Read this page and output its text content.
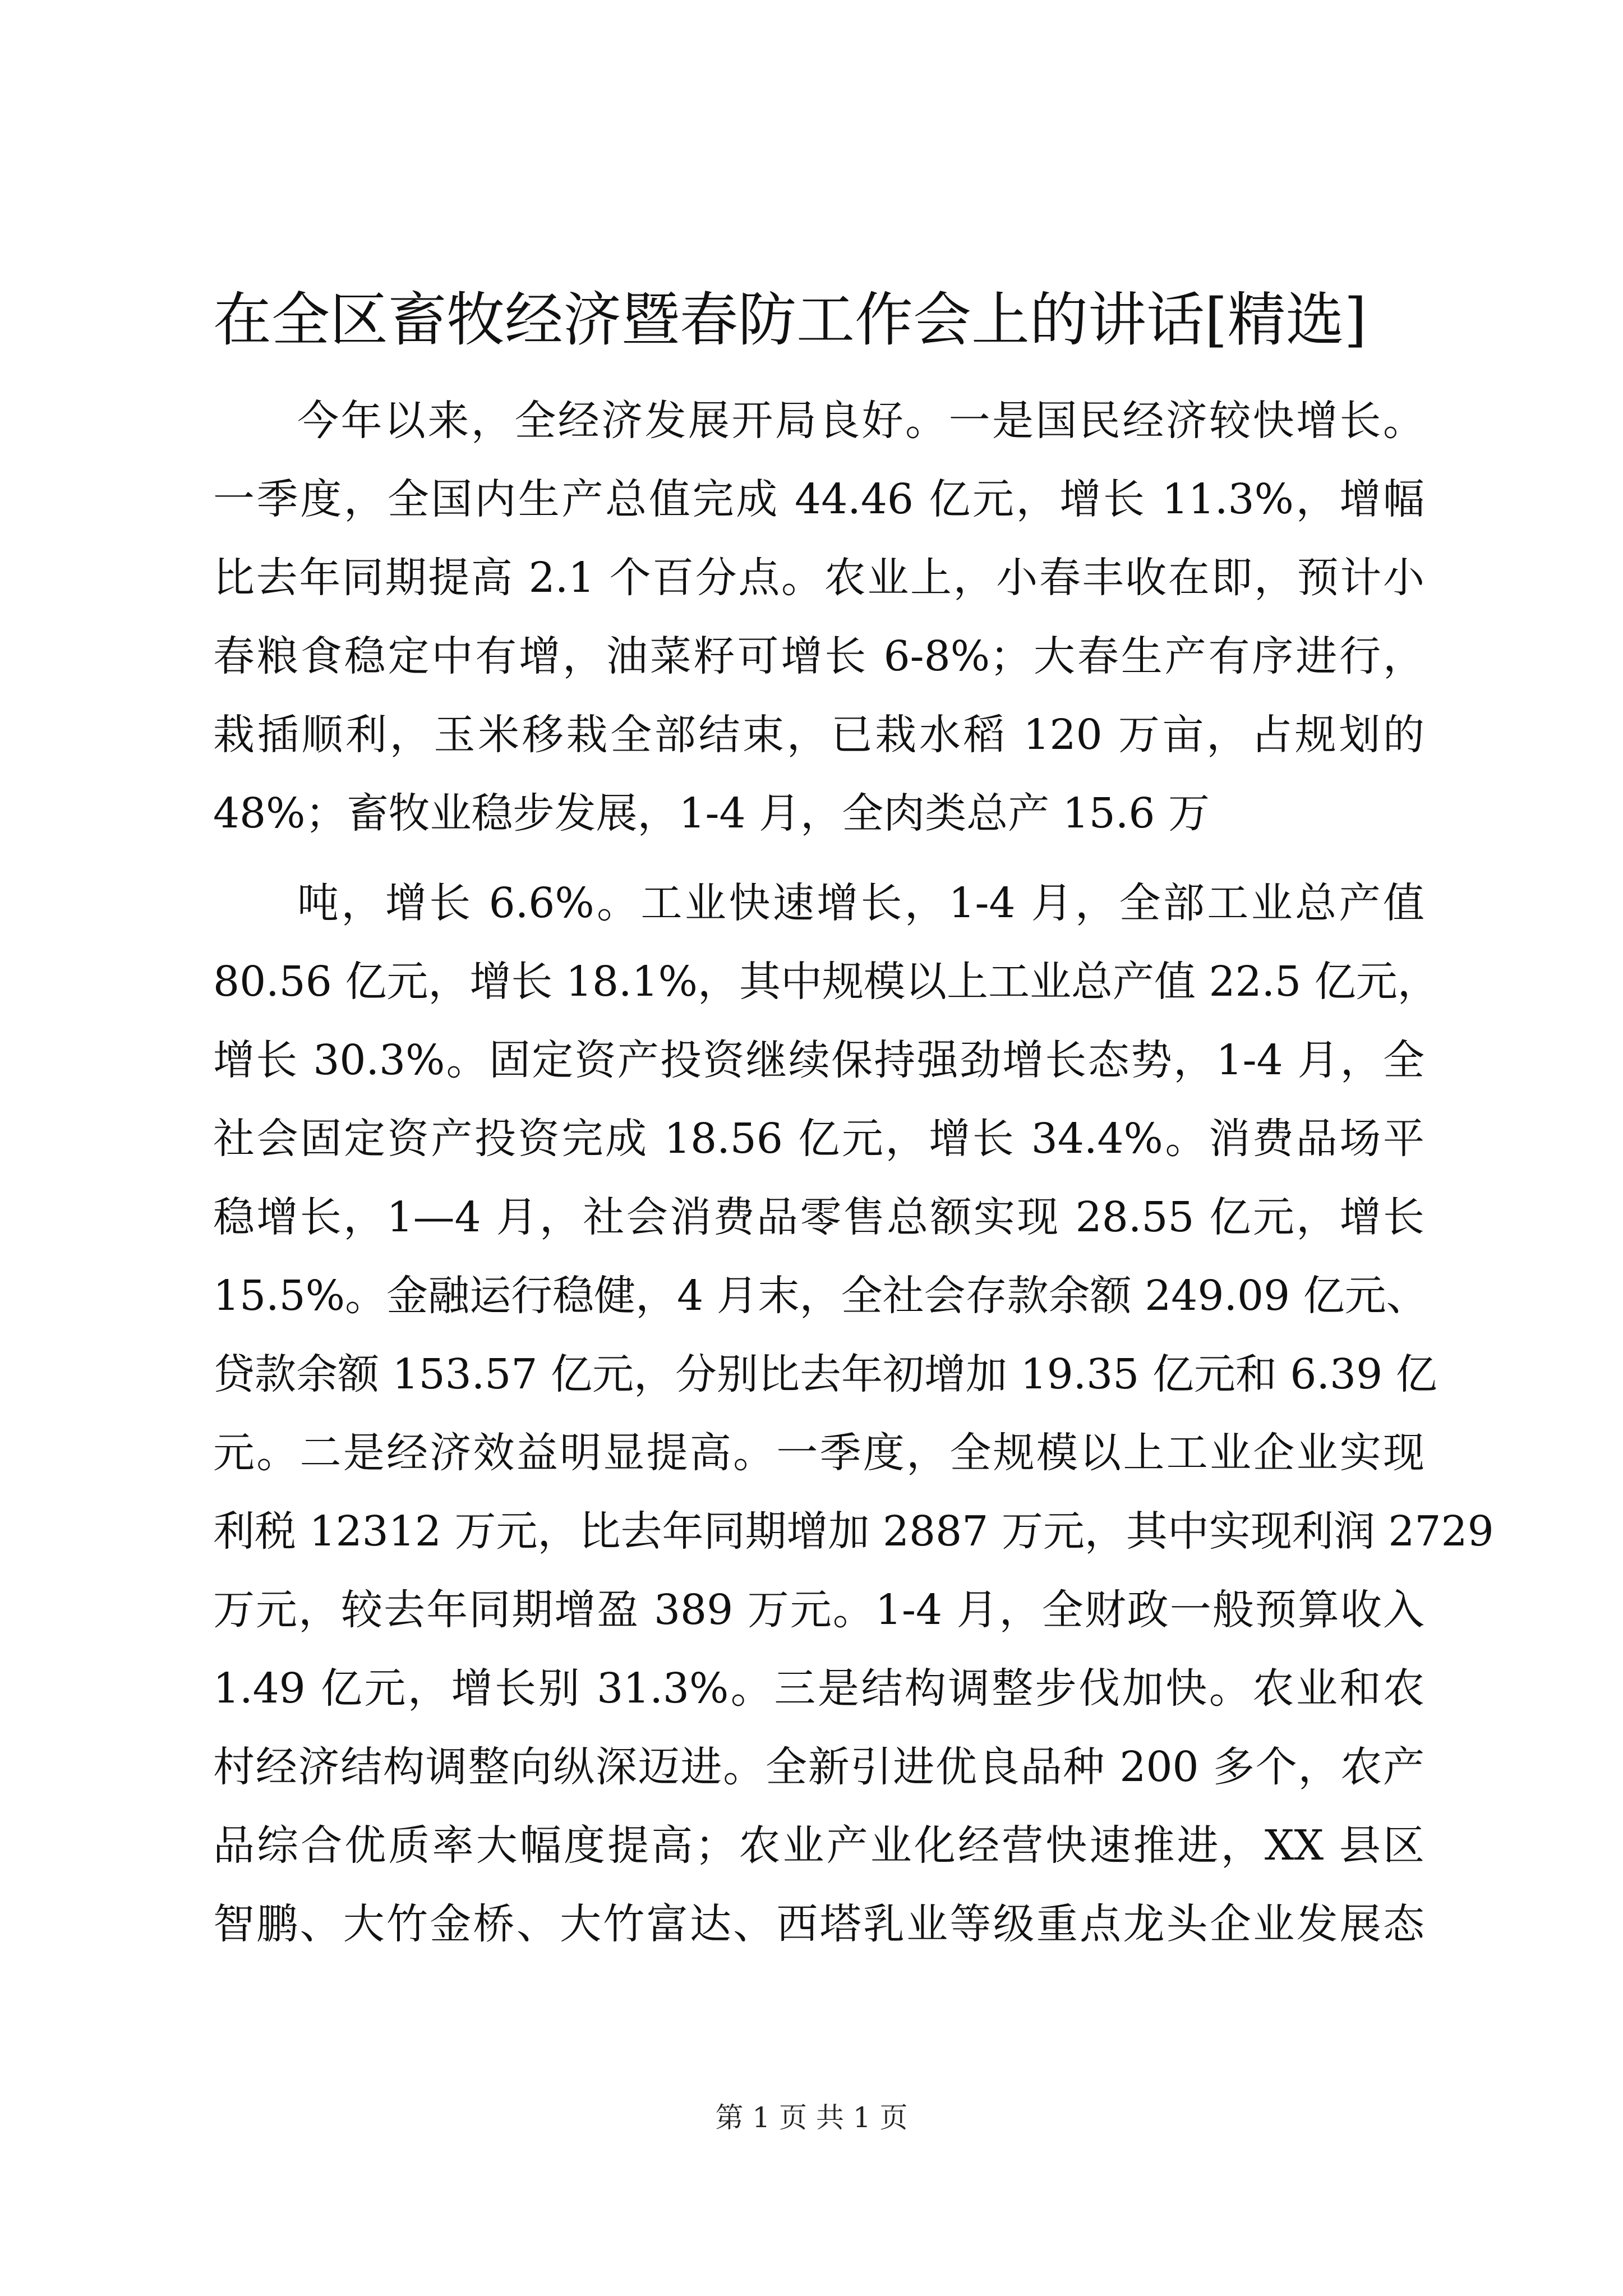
在全区畜牧经济暨春防工作会上的讲话[精选]
今年以来，全经济发展开局良好。一是国民经济较快增长。
一季度，全国内生产总值完成 44.46 亿元，增长 11.3%，增幅
比去年同期提高 2.1 个百分点。农业上，小春丰收在即，预计小
春粮食稳定中有增，油菜籽可增长 6-8%；大春生产有序进行，
栽插顺利，玉米移栽全部结束，已栽水稻 120 万亩，占规划的
48%；畜牧业稳步发展，1-4 月，全肉类总产 15.6 万
吨，增长 6.6%。工业快速增长，1-4 月，全部工业总产值
80.56 亿元，增长 18.1%，其中规模以上工业总产值 22.5 亿元，
增长 30.3%。固定资产投资继续保持强劲增长态势，1-4 月，全
社会固定资产投资完成 18.56 亿元，增长 34.4%。消费品场平
稳增长，1—4 月，社会消费品零售总额实现 28.55 亿元，增长
15.5%。金融运行稳健，4 月末，全社会存款余额 249.09 亿元、
贷款余额 153.57 亿元，分别比去年初增加 19.35 亿元和 6.39 亿
元。二是经济效益明显提高。一季度，全规模以上工业企业实现
利税 12312 万元，比去年同期增加 2887 万元，其中实现利润 2729
万元，较去年同期增盈 389 万元。1-4 月，全财政一般预算收入
1.49 亿元，增长别 31.3%。三是结构调整步伐加快。农业和农
村经济结构调整向纵深迈进。全新引进优良品种 200 多个，农产
品综合优质率大幅度提高；农业产业化经营快速推进，XX 县区
智鹏、大竹金桥、大竹富达、西塔乳业等级重点龙头企业发展态
第 1 页 共 1 页
